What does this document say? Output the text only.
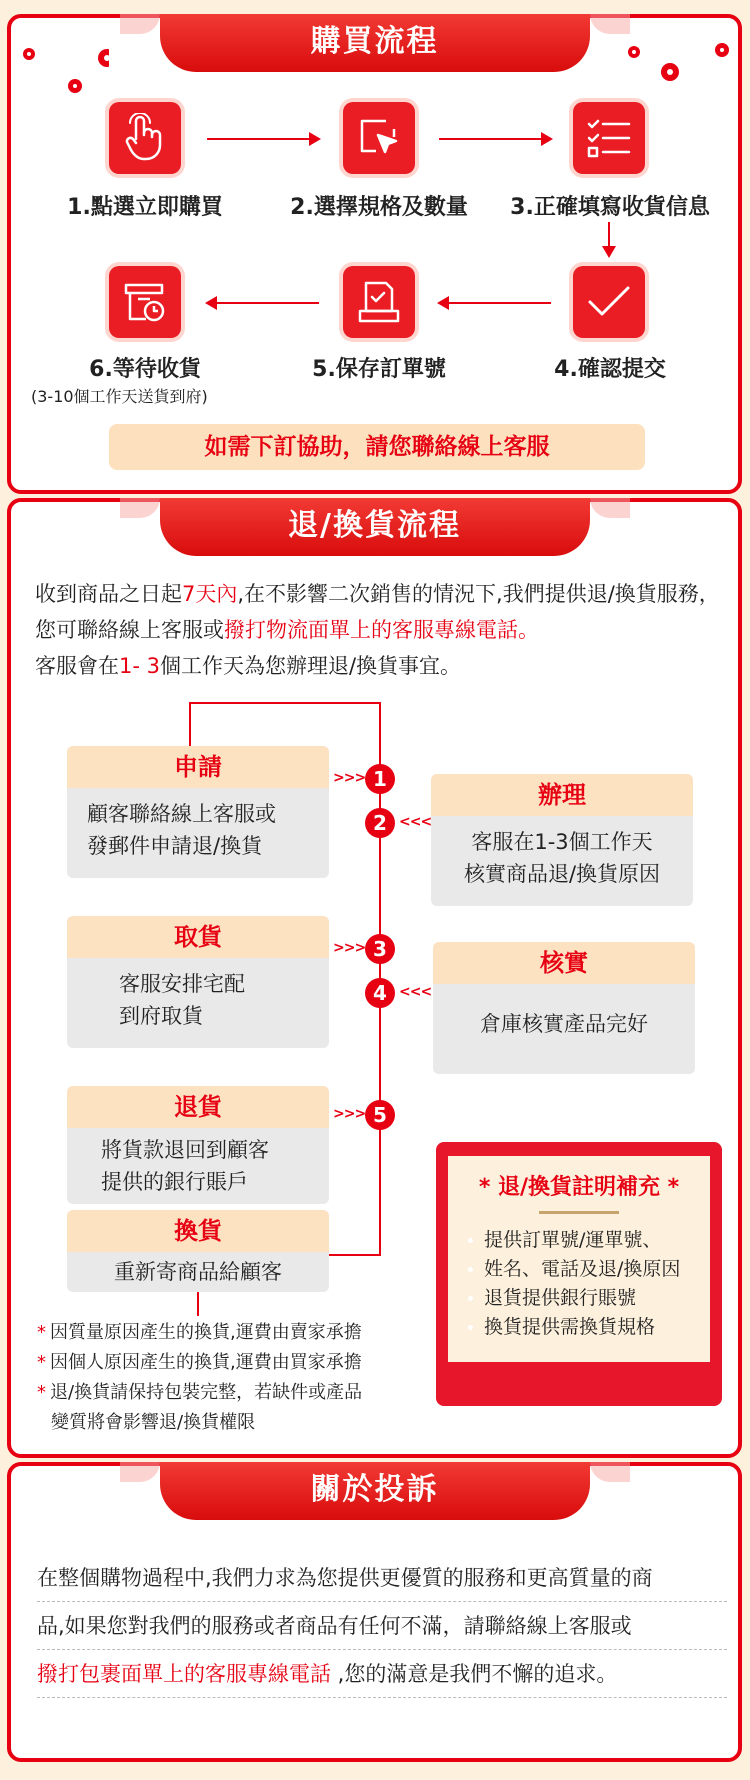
購買流程
1.點選立即購買	2.選擇規格及數量	3.正確填寫收貨信息
6.等待收貨	5.保存訂單號	4.確認提交
(3-10個工作天送貨到府)
如需下訂協助，請您聯絡線上客服
退/換貨流程
收到商品之日起7天內,在不影響二次銷售的情況下,我們提供退/換貨服務，您可聯絡線上客服或撥打物流面單上的客服專線電話。
客服會在1- 3個工作天為您辦理退/換貨事宜。
申請
顧客聯絡線上客服或
發郵件申請退/換貨
>>> 1
2 <<<
辦理
客服在1-3個工作天
核實商品退/換貨原因
取貨
客服安排宅配
到府取貨
>>> 3
4 <<<
核實
倉庫核實產品完好
退貨
將貨款退回到顧客
提供的銀行賬戶
>>> 5
換貨
重新寄商品給顧客
* 因質量原因產生的換貨,運費由賣家承擔
* 因個人原因產生的換貨,運費由買家承擔
* 退/換貨請保持包裝完整，若缺件或產品
變質將會影響退/換貨權限
* 退/換貨註明補充 *
提供訂單號/運單號、
姓名、電話及退/換原因
退貨提供銀行賬號
換貨提供需換貨規格
關於投訴
在整個購物過程中,我們力求為您提供更優質的服務和更高質量的商
品,如果您對我們的服務或者商品有任何不滿，請聯絡線上客服或
撥打包裹面單上的客服專線電話 ,您的滿意是我們不懈的追求。
